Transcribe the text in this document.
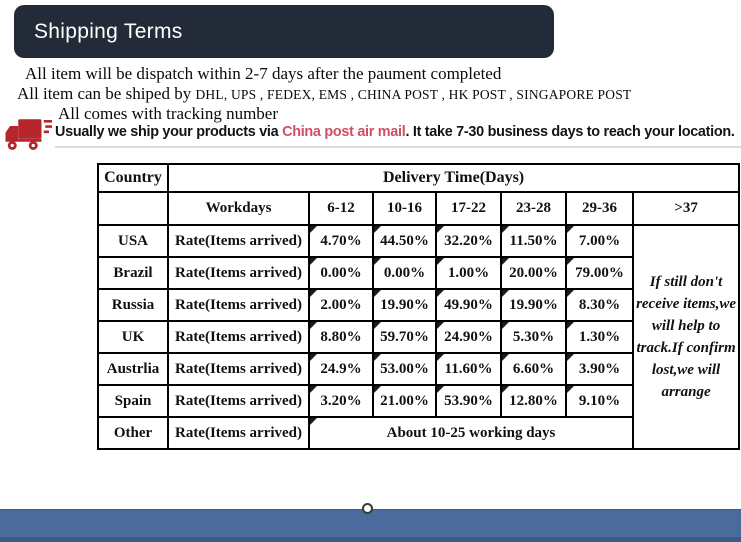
Shipping Terms
All item will be dispatch within 2-7 days after the paument completed
All item can be shiped by DHL, UPS , FEDEX, EMS , CHINA POST , HK POST , SINGAPORE POST
All comes with tracking number
Usually we ship your products via China post air mail. It take 7-30 business days to reach your location.
Country	Delivery Time(Days)						
	Workdays	6-12	10-16	17-22	23-28	29-36	>37
USA	Rate(Items arrived)	4.70%	44.50%	32.20%	11.50%	7.00%	
If still don't
receive items,we
will help to
track.If confirm
lost,we will
arrange

Brazil	Rate(Items arrived)	0.00%	0.00%	1.00%	20.00%	79.00%	
Russia	Rate(Items arrived)	2.00%	19.90%	49.90%	19.90%	8.30%	
UK	Rate(Items arrived)	8.80%	59.70%	24.90%	5.30%	1.30%	
Austrlia	Rate(Items arrived)	24.9%	53.00%	11.60%	6.60%	3.90%	
Spain	Rate(Items arrived)	3.20%	21.00%	53.90%	12.80%	9.10%	
Other	Rate(Items arrived)	About 10-25 working days					
